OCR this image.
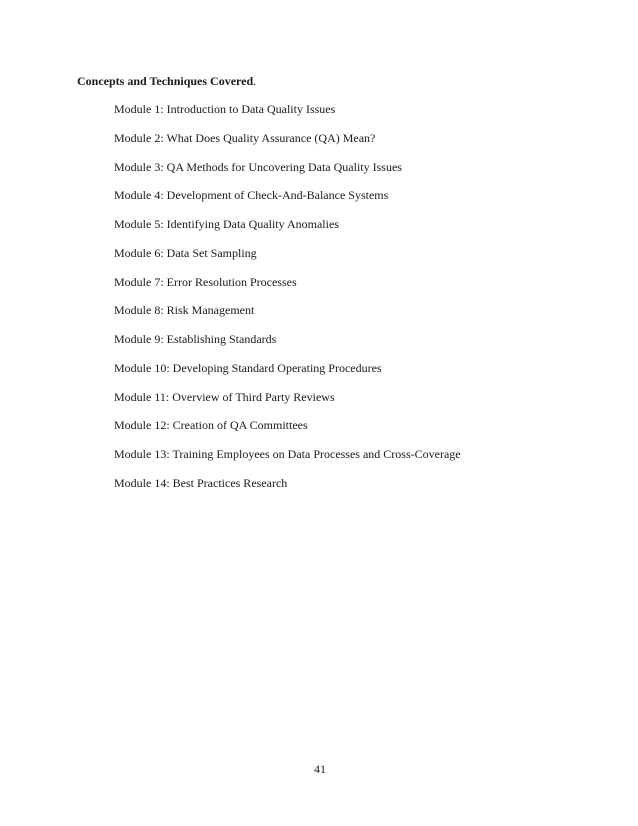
Concepts and Techniques Covered.
Module 1: Introduction to Data Quality Issues
Module 2: What Does Quality Assurance (QA) Mean?
Module 3: QA Methods for Uncovering Data Quality Issues
Module 4: Development of Check-And-Balance Systems
Module 5: Identifying Data Quality Anomalies
Module 6: Data Set Sampling
Module 7: Error Resolution Processes
Module 8: Risk Management
Module 9: Establishing Standards
Module 10: Developing Standard Operating Procedures
Module 11: Overview of Third Party Reviews
Module 12: Creation of QA Committees
Module 13: Training Employees on Data Processes and Cross-Coverage
Module 14: Best Practices Research
41
